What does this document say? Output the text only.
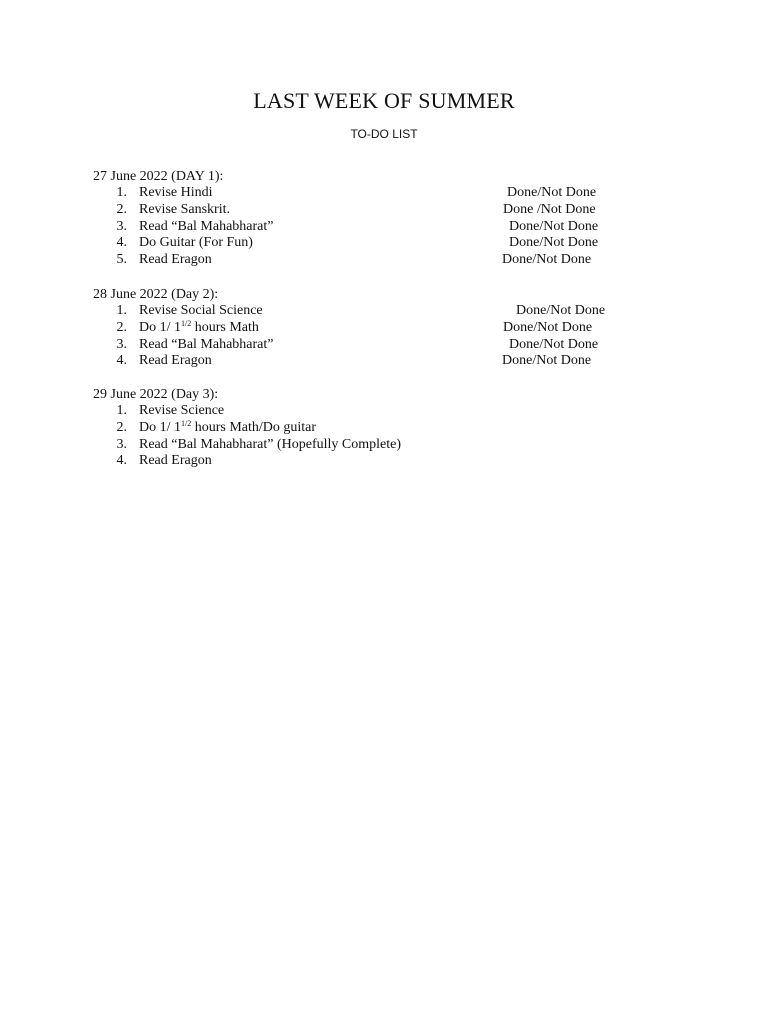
LAST WEEK OF SUMMER
TO-DO LIST
27 June 2022 (DAY 1):
1. Revise Hindi	Done/Not Done
2. Revise Sanskrit.	Done /Not Done
3. Read “Bal Mahabharat”	Done/Not Done
4. Do Guitar (For Fun)	Done/Not Done
5. Read Eragon	Done/Not Done
28 June 2022 (Day 2):
1. Revise Social Science	Done/Not Done
2. Do 1/ $1^{1/2}$ hours Math	Done/Not Done
3. Read “Bal Mahabharat”	Done/Not Done
4. Read Eragon	Done/Not Done
29 June 2022 (Day 3):
1. Revise Science
2. Do 1/ $1^{1/2}$ hours Math/Do guitar
3. Read “Bal Mahabharat” (Hopefully Complete)
4. Read Eragon
